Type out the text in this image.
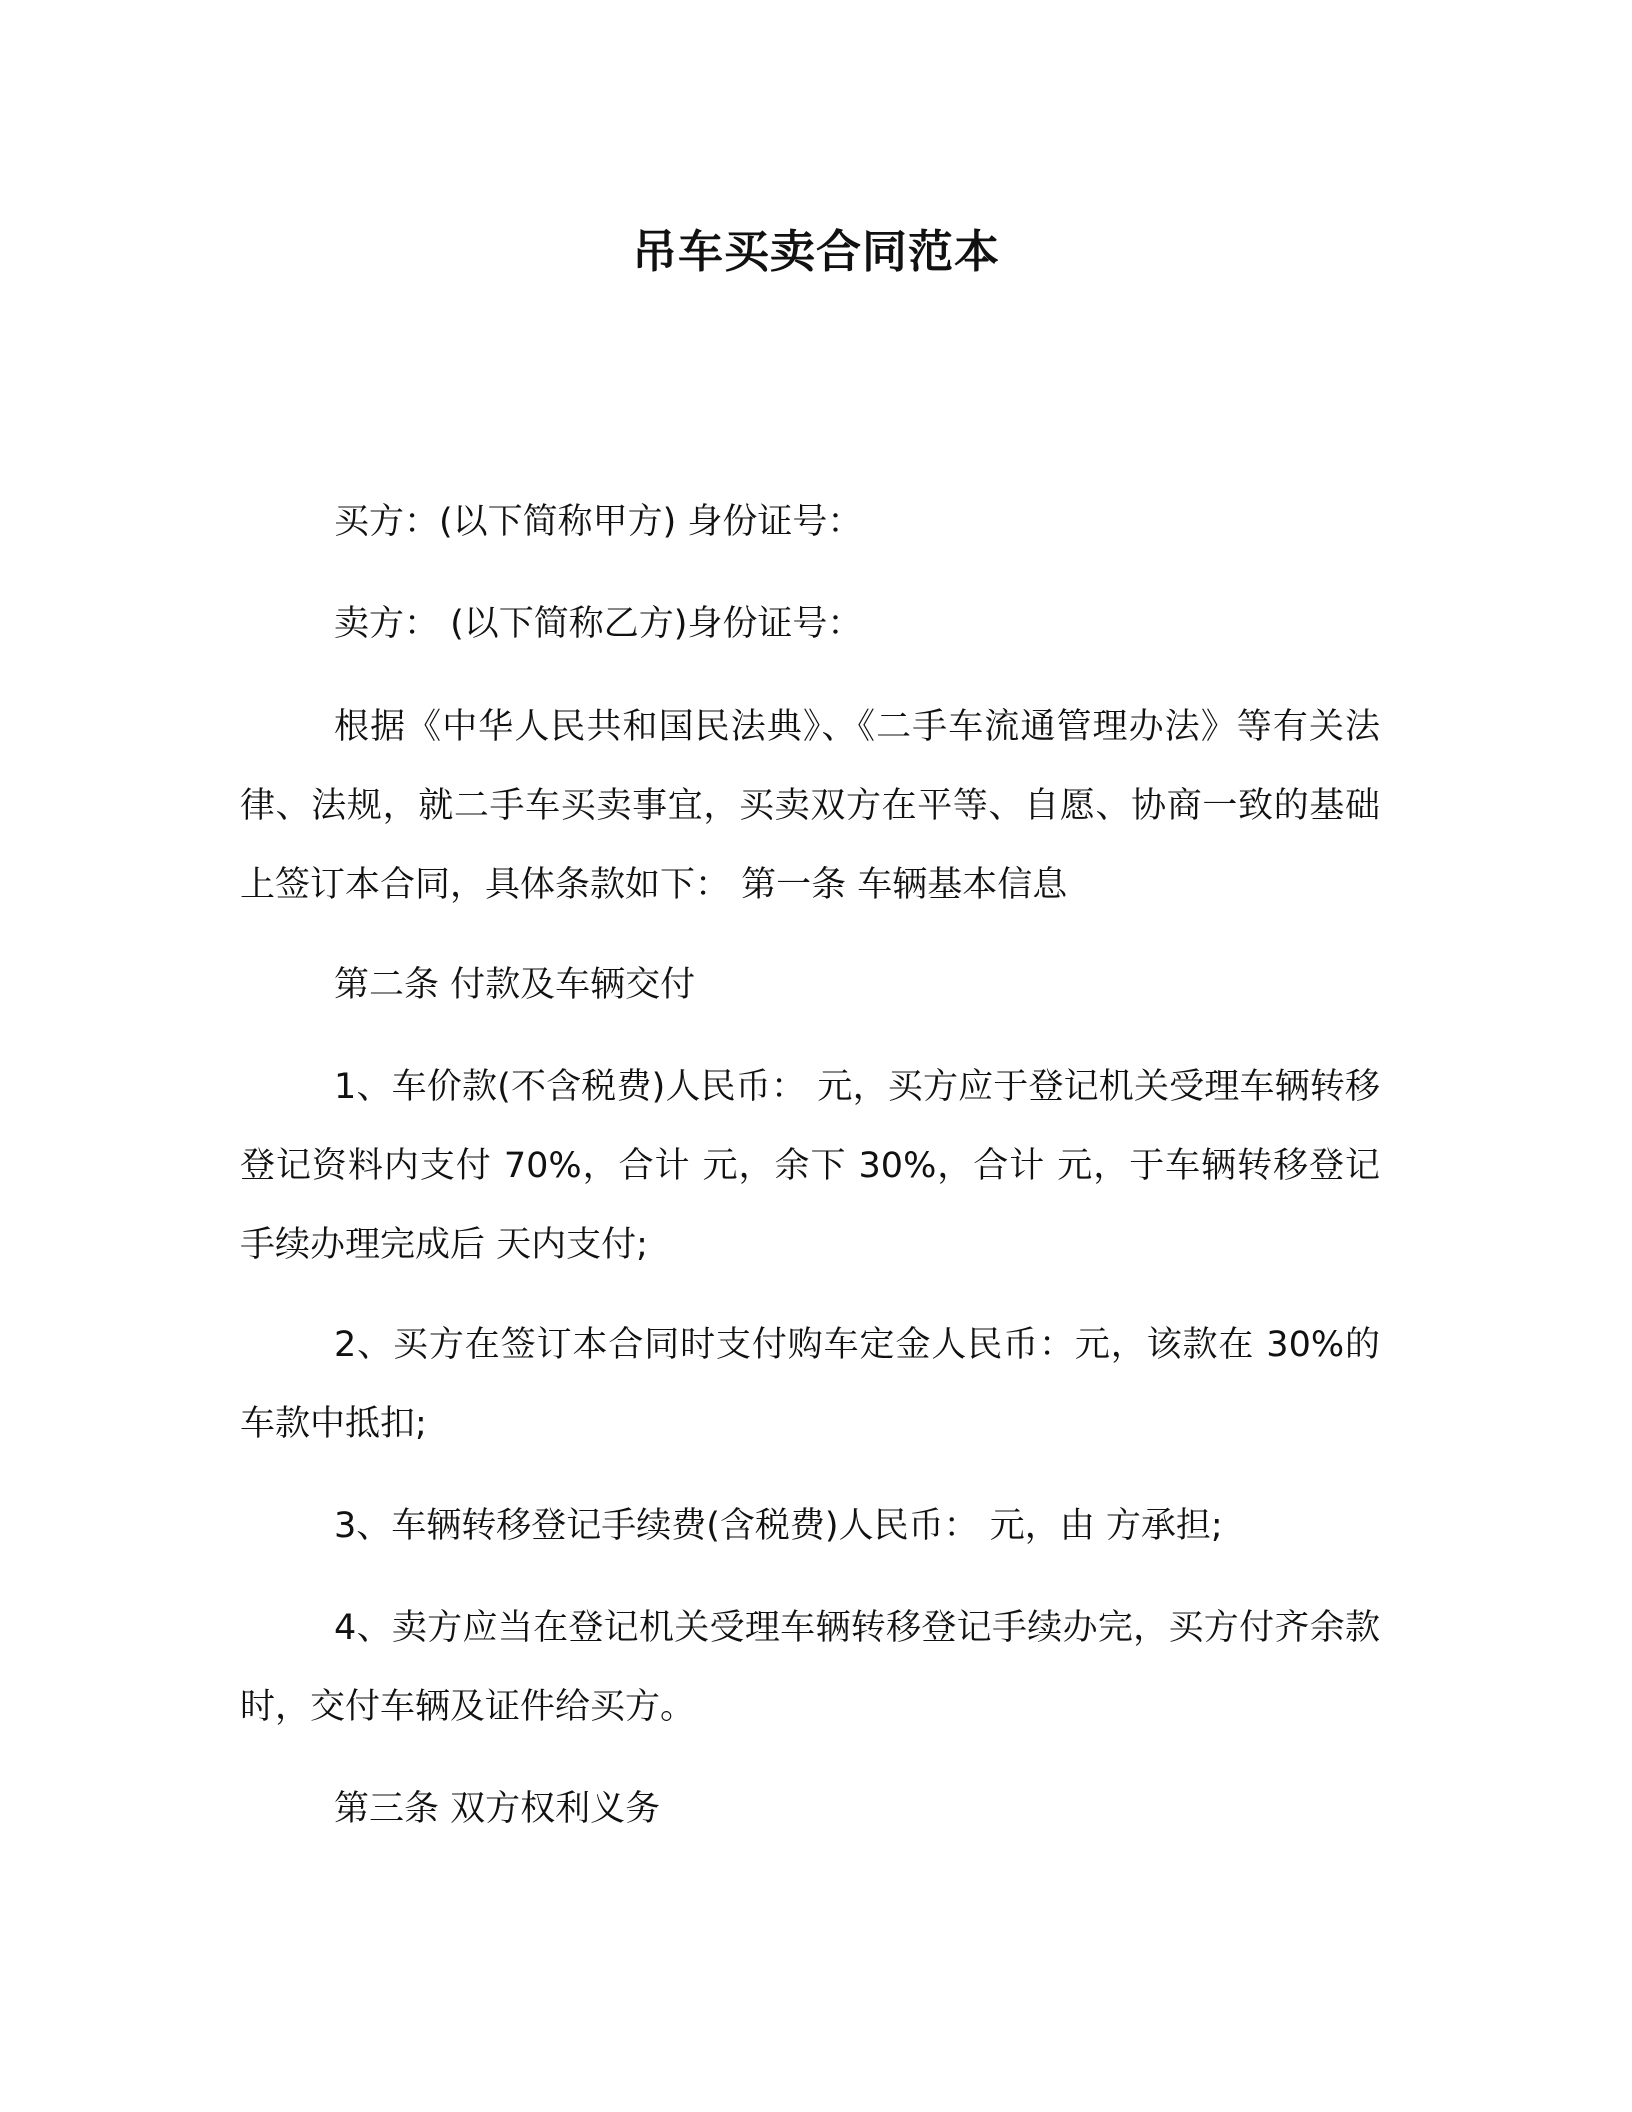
吊车买卖合同范本

买方：(以下简称甲方) 身份证号：

卖方： (以下简称乙方)身份证号：

根据《中华人民共和国民法典》、《二手车流通管理办法》等有关法律、法规，就二手车买卖事宜，买卖双方在平等、自愿、协商一致的基础上签订本合同，具体条款如下： 第一条 车辆基本信息

第二条 付款及车辆交付

1、车价款(不含税费)人民币： 元，买方应于登记机关受理车辆转移登记资料内支付 70%，合计 元，余下 30%，合计 元，于车辆转移登记手续办理完成后 天内支付;

2、买方在签订本合同时支付购车定金人民币：元，该款在 30%的车款中抵扣;

3、车辆转移登记手续费(含税费)人民币： 元，由 方承担;

4、卖方应当在登记机关受理车辆转移登记手续办完，买方付齐余款时，交付车辆及证件给买方。

第三条 双方权利义务
